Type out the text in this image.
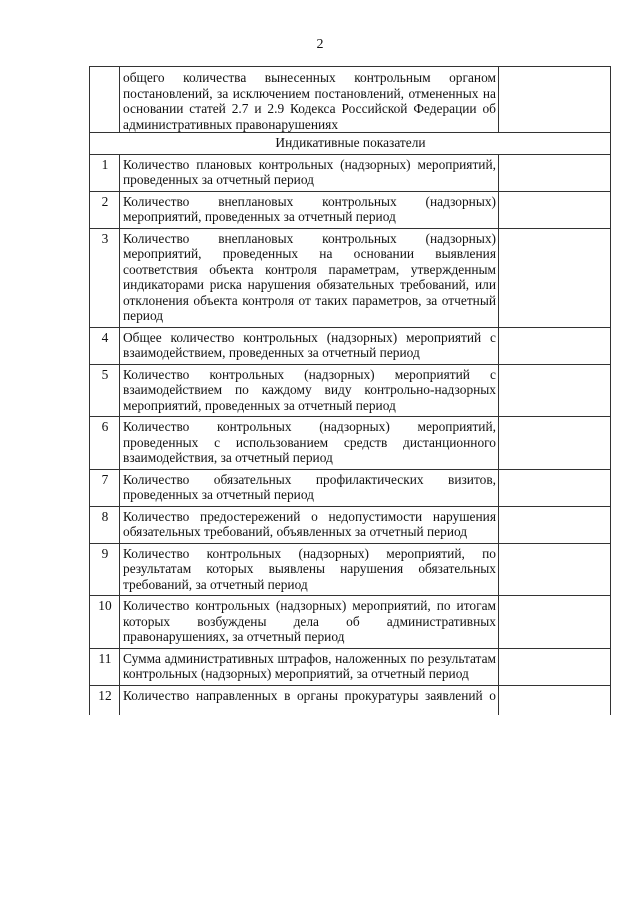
2
	общего количества вынесенных контрольным органом постановлений, за исключением постановлений, отмененных на основании статей 2.7 и 2.9 Кодекса Российской Федерации об административных правонарушениях	
Индикативные показатели		
1	Количество плановых контрольных (надзорных) мероприятий, проведенных за отчетный период	
2	Количество внеплановых контрольных (надзорных) мероприятий, проведенных за отчетный период	
3	Количество внеплановых контрольных (надзорных) мероприятий, проведенных на основании выявления соответствия объекта контроля параметрам, утвержденным индикаторами риска нарушения обязательных требований, или отклонения объекта контроля от таких параметров, за отчетный период	
4	Общее количество контрольных (надзорных) мероприятий с взаимодействием, проведенных за отчетный период	
5	Количество контрольных (надзорных) мероприятий с взаимодействием по каждому виду контрольно-надзорных мероприятий, проведенных за отчетный период	
6	Количество контрольных (надзорных) мероприятий, проведенных с использованием средств дистанционного взаимодействия, за отчетный период	
7	Количество обязательных профилактических визитов, проведенных за отчетный период	
8	Количество предостережений о недопустимости нарушения обязательных требований, объявленных за отчетный период	
9	Количество контрольных (надзорных) мероприятий, по результатам которых выявлены нарушения обязательных требований, за отчетный период	
10	Количество контрольных (надзорных) мероприятий, по итогам которых возбуждены дела об административных правонарушениях, за отчетный период	
11	Сумма административных штрафов, наложенных по результатам контрольных (надзорных) мероприятий, за отчетный период	
12	Количество направленных в органы прокуратуры заявлений о	
